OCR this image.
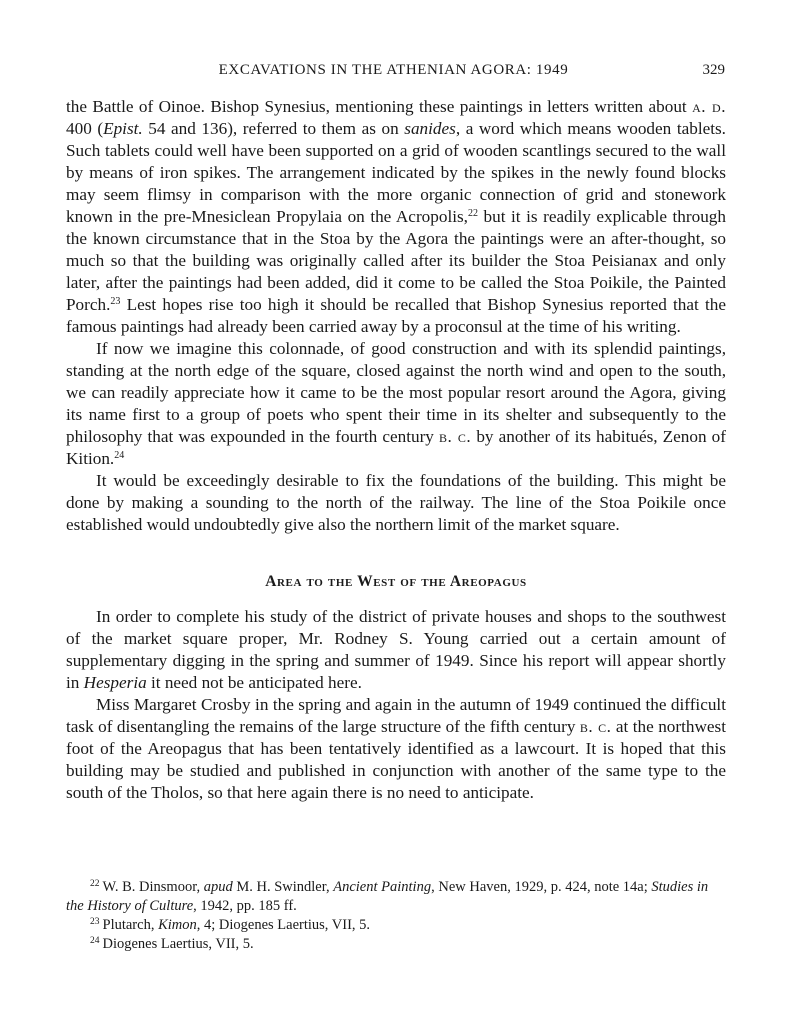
EXCAVATIONS IN THE ATHENIAN AGORA: 1949	329

the Battle of Oinoe. Bishop Synesius, mentioning these paintings in letters written about a. d. 400 (Epist. 54 and 136), referred to them as on sanides, a word which means wooden tablets. Such tablets could well have been supported on a grid of wooden scantlings secured to the wall by means of iron spikes. The arrangement indicated by the spikes in the newly found blocks may seem flimsy in comparison with the more organic connection of grid and stonework known in the pre-Mnesiclean Propylaia on the Acropolis,$^{22}$ but it is readily explicable through the known circumstance that in the Stoa by the Agora the paintings were an after-thought, so much so that the building was originally called after its builder the Stoa Peisianax and only later, after the paintings had been added, did it come to be called the Stoa Poikile, the Painted Porch.$^{23}$ Lest hopes rise too high it should be recalled that Bishop Synesius reported that the famous paintings had already been carried away by a proconsul at the time of his writing.

If now we imagine this colonnade, of good construction and with its splendid paintings, standing at the north edge of the square, closed against the north wind and open to the south, we can readily appreciate how it came to be the most popular resort around the Agora, giving its name first to a group of poets who spent their time in its shelter and subsequently to the philosophy that was expounded in the fourth century b. c. by another of its habitués, Zenon of Kition.$^{24}$

It would be exceedingly desirable to fix the foundations of the building. This might be done by making a sounding to the north of the railway. The line of the Stoa Poikile once established would undoubtedly give also the northern limit of the market square.

Area to the West of the Areopagus

In order to complete his study of the district of private houses and shops to the southwest of the market square proper, Mr. Rodney S. Young carried out a certain amount of supplementary digging in the spring and summer of 1949. Since his report will appear shortly in Hesperia it need not be anticipated here.

Miss Margaret Crosby in the spring and again in the autumn of 1949 continued the difficult task of disentangling the remains of the large structure of the fifth century b. c. at the northwest foot of the Areopagus that has been tentatively identified as a lawcourt. It is hoped that this building may be studied and published in conjunction with another of the same type to the south of the Tholos, so that here again there is no need to anticipate.

$^{22}$ W. B. Dinsmoor, apud M. H. Swindler, Ancient Painting, New Haven, 1929, p. 424, note 14a; Studies in the History of Culture, 1942, pp. 185 ff.

$^{23}$ Plutarch, Kimon, 4; Diogenes Laertius, VII, 5.

$^{24}$ Diogenes Laertius, VII, 5.
